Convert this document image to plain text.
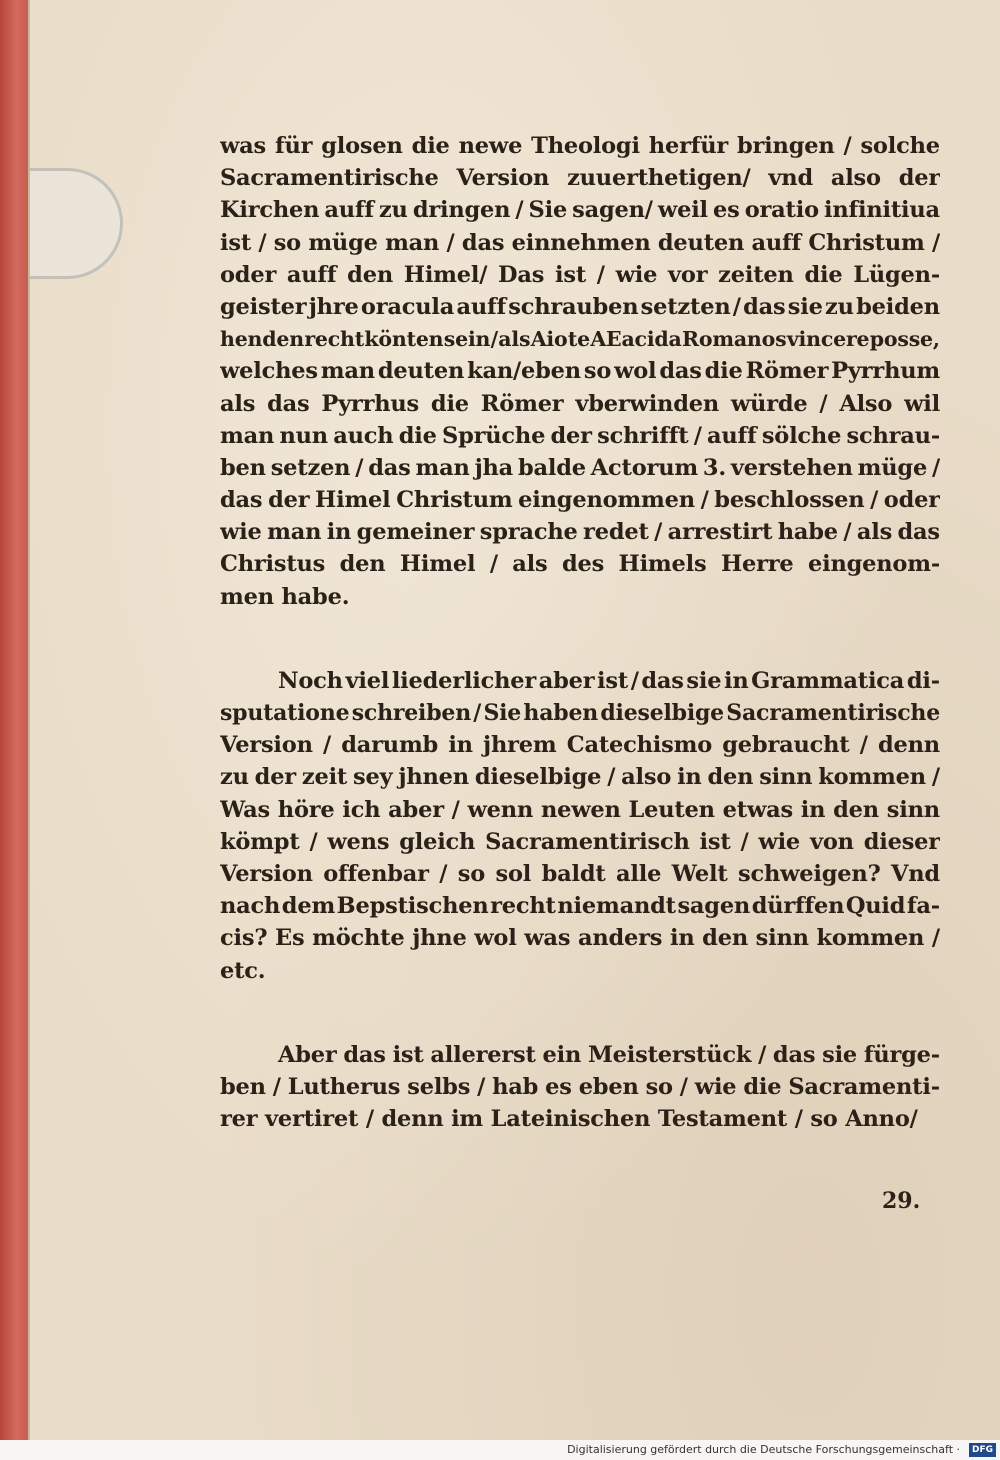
was für glosen die newe Theologi herfür bringen / solche
Sacramentirische Version zuuerthetigen/ vnd also der
Kirchen auff zu dringen / Sie sagen/ weil es oratio infinitiua
ist / so müge man / das einnehmen deuten auff Christum /
oder auff den Himel/ Das ist / wie vor zeiten die Lügen-
geister jhre oracula auff schrauben setzten / das sie zu beiden
henden recht könten sein / als Aio te AEacida Romanos vincere posse,
welches man deuten kan/eben so wol das die Römer Pyrrhum
als das Pyrrhus die Römer vberwinden würde / Also wil
man nun auch die Sprüche der schrifft / auff sölche schrau-
ben setzen / das man jha balde Actorum 3. verstehen müge /
das der Himel Christum eingenommen / beschlossen / oder
wie man in gemeiner sprache redet / arrestirt habe / als das
Christus den Himel / als des Himels Herre eingenom-
men habe.
Noch viel liederlicher aber ist / das sie in Grammatica di-
sputatione schreiben / Sie haben dieselbige Sacramentirische
Version / darumb in jhrem Catechismo gebraucht / denn
zu der zeit sey jhnen dieselbige / also in den sinn kommen /
Was höre ich aber / wenn newen Leuten etwas in den sinn
kömpt / wens gleich Sacramentirisch ist / wie von dieser
Version offenbar / so sol baldt alle Welt schweigen? Vnd
nach dem Bepstischen recht niemandt sagen dürffen Quid fa-
cis? Es möchte jhne wol was anders in den sinn kommen /
etc.
Aber das ist allererst ein Meisterstück / das sie fürge-
ben / Lutherus selbs / hab es eben so / wie die Sacramenti-
rer vertiret / denn im Lateinischen Testament / so Anno/
29.
Digitalisierung gefördert durch die Deutsche Forschungsgemeinschaft ·	DFG
